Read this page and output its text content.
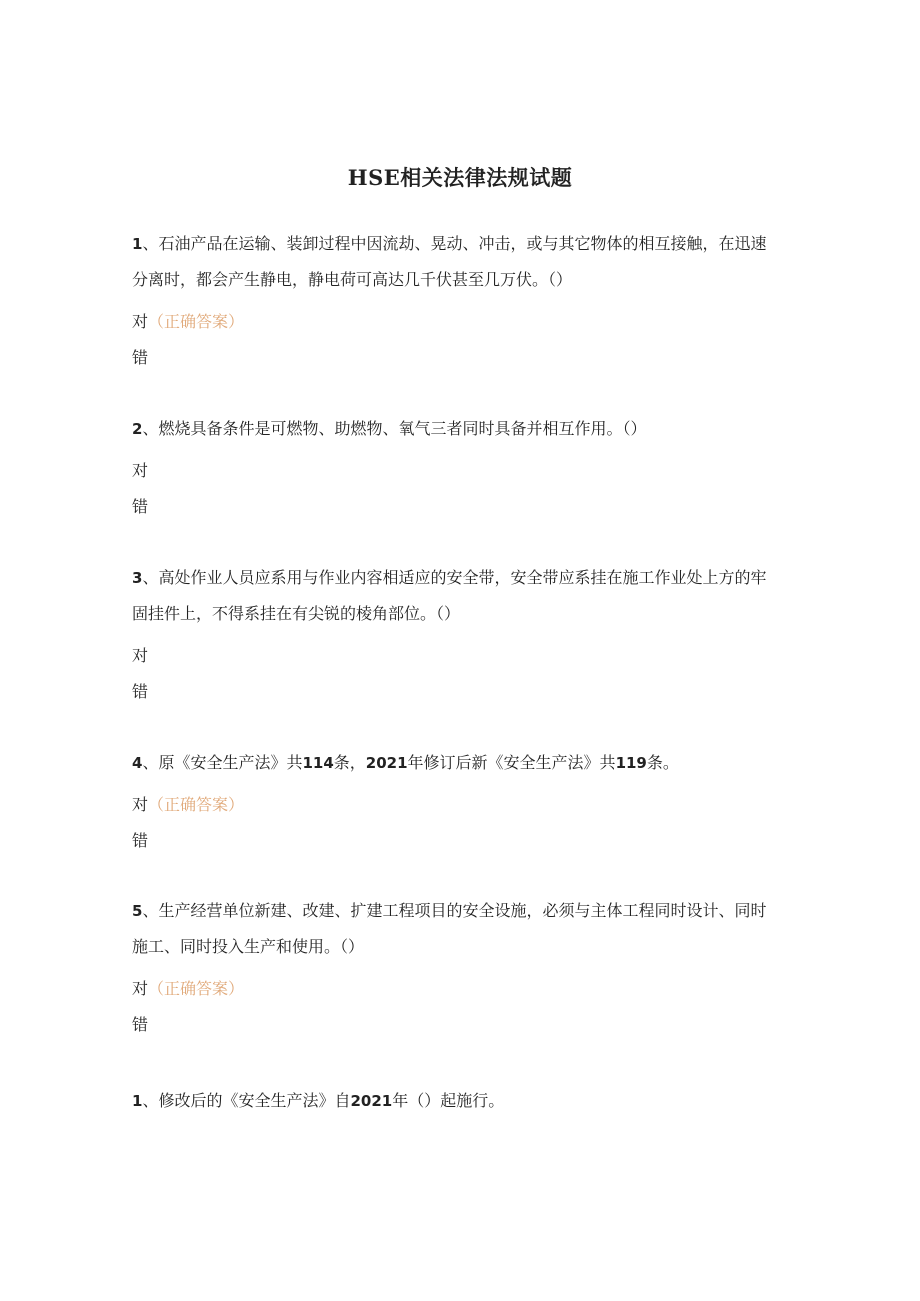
HSE相关法律法规试题

1、石油产品在运输、装卸过程中因流劫、晃动、冲击，或与其它物体的相互接触，在迅速分离时，都会产生静电，静电荷可高达几千伏甚至几万伏。（）

对（正确答案）
错

2、燃烧具备条件是可燃物、助燃物、氧气三者同时具备并相互作用。（）

对
错

3、高处作业人员应系用与作业内容相适应的安全带，安全带应系挂在施工作业处上方的牢固挂件上，不得系挂在有尖锐的棱角部位。（）

对
错

4、原《安全生产法》共114条，2021年修订后新《安全生产法》共119条。

对（正确答案）
错

5、生产经营单位新建、改建、扩建工程项目的安全设施，必须与主体工程同时设计、同时施工、同时投入生产和使用。（）

对（正确答案）
错

1、修改后的《安全生产法》自2021年（）起施行。
